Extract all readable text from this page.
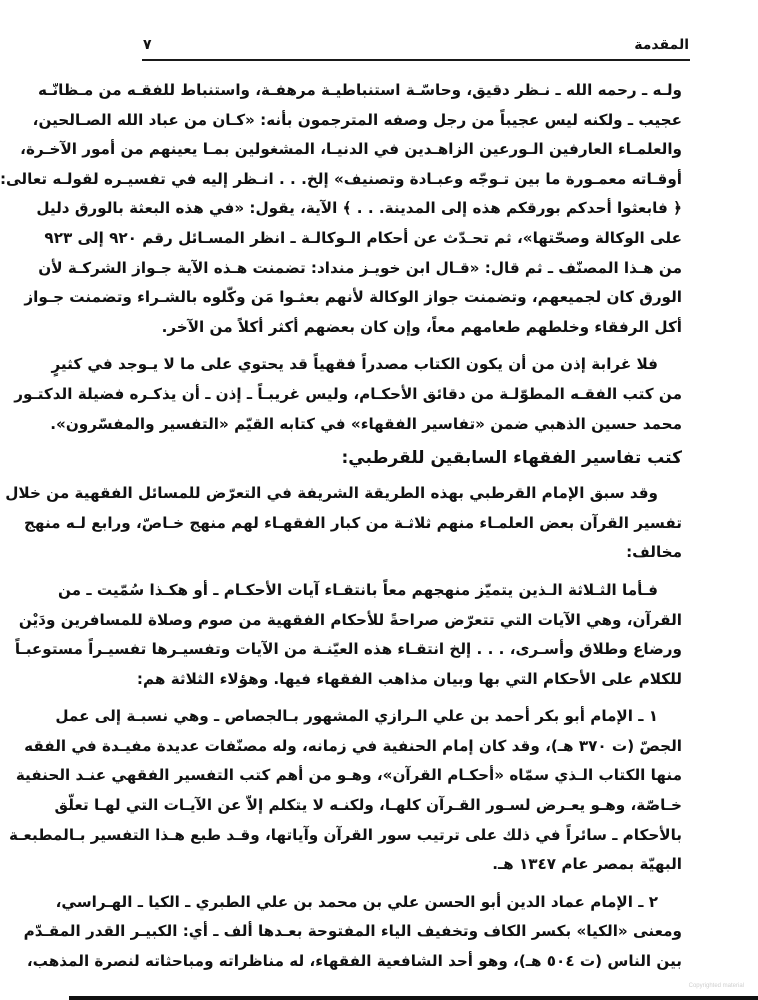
المقدمة
٧

ولـه ـ رحمه الله ـ نـظر دقيق، وحاسّـة استنباطيـة مرهفـة، واستنباط للفقـه من مـظانّـه
عجيب ـ ولكنه ليس عجيباً من رجل وصفه المترجمون بأنه: «كـان من عباد الله الصـالحين،
والعلمـاء العارفين الـورعين الزاهـدين في الدنيـا، المشغولين بمـا يعينهم من أمور الآخـرة،
أوقـاته معمـورة ما بين تـوجّه وعبـادة وتصنيف» إلخ. . . انـظر إليه في تفسيـره لقولـه تعالى:
﴿ فابعثوا أحدكم بورقكم هذه إلى المدينة. . . ﴾ الآية، يقول: «في هذه البعثة بالورق دليل
على الوكالة وصحّتها»، ثم تحـدّث عن أحكام الـوكالـة ـ انظر المسـائل رقم ٩٢٠ إلى ٩٢٣
من هـذا المصنّف ـ ثم قال: «قـال ابن خويـز منداد: تضمنت هـذه الآية جـواز الشركـة لأن
الورق كان لجميعهم، وتضمنت جواز الوكالة لأنهم بعثـوا مَن وكّلوه بالشـراء وتضمنت جـواز
أكل الرفقاء وخلطهم طعامهم معاً، وإن كان بعضهم أكثر أكلاً من الآخر.

فلا غرابة إذن من أن يكون الكتاب مصدراً فقهياً قد يحتوي على ما لا يـوجد في كثيرٍ
من كتب الفقـه المطوّلـة من دقائق الأحكـام، وليس غريبـاً ـ إذن ـ أن يذكـره فضيلة الدكتـور
محمد حسين الذهبي ضمن «تفاسير الفقهاء» في كتابه القيّم «التفسير والمفسّرون».

كتب تفاسير الفقهاء السابقين للقرطبي:

وقد سبق الإمام القرطبي بهذه الطريقة الشريفة في التعرّض للمسائل الفقهية من خلال
تفسير القرآن بعض العلمـاء منهم ثلاثـة من كبار الفقهـاء لهم منهج خـاصّ، ورابع لـه منهج
مخالف:

فـأما الثـلاثة الـذين يتميّز منهجهم معاً بانتقـاء آيات الأحكـام ـ أو هكـذا سُمّيت ـ من
القرآن، وهي الآيات التي تتعرّض صراحةً للأحكام الفقهية من صوم وصلاة للمسافرين ودَيْن
ورضاع وطلاق وأسـرى، . . . إلخ انتقـاء هذه العيّنـة من الآيات وتفسيـرها تفسيـراً مستوعبـاً
للكلام على الأحكام التي بها وبيان مذاهب الفقهاء فيها. وهؤلاء الثلاثة هم:

١ ـ الإمام أبو بكر أحمد بن علي الـرازي المشهور بـالجصاص ـ وهي نسبـة إلى عمل
الجصّ (ت ٣٧٠ هـ)، وقد كان إمام الحنفية في زمانه، وله مصنّفات عديدة مفيـدة في الفقه
منها الكتاب الـذي سمّاه «أحكـام القرآن»، وهـو من أهم كتب التفسير الفقهي عنـد الحنفية
خـاصّة، وهـو يعـرض لسـور القـرآن كلهـا، ولكنـه لا يتكلم إلاّ عن الآيـات التي لهـا تعلّق
بالأحكام ـ سائراً في ذلك على ترتيب سور القرآن وآياتها، وقـد طبع هـذا التفسير بـالمطبعـة
البهيّة بمصر عام ١٣٤٧ هـ.

٢ ـ الإمام عماد الدين أبو الحسن علي بن محمد بن علي الطبري ـ الكيا ـ الهـراسي،
ومعنى «الكيا» بكسر الكاف وتخفيف الياء المفتوحة بعـدها ألف ـ أي: الكبيـر القدر المقـدّم
بين الناس (ت ٥٠٤ هـ)، وهو أحد الشافعية الفقهاء، له مناظراته ومباحثاته لنصرة المذهب،

Copyrighted material
